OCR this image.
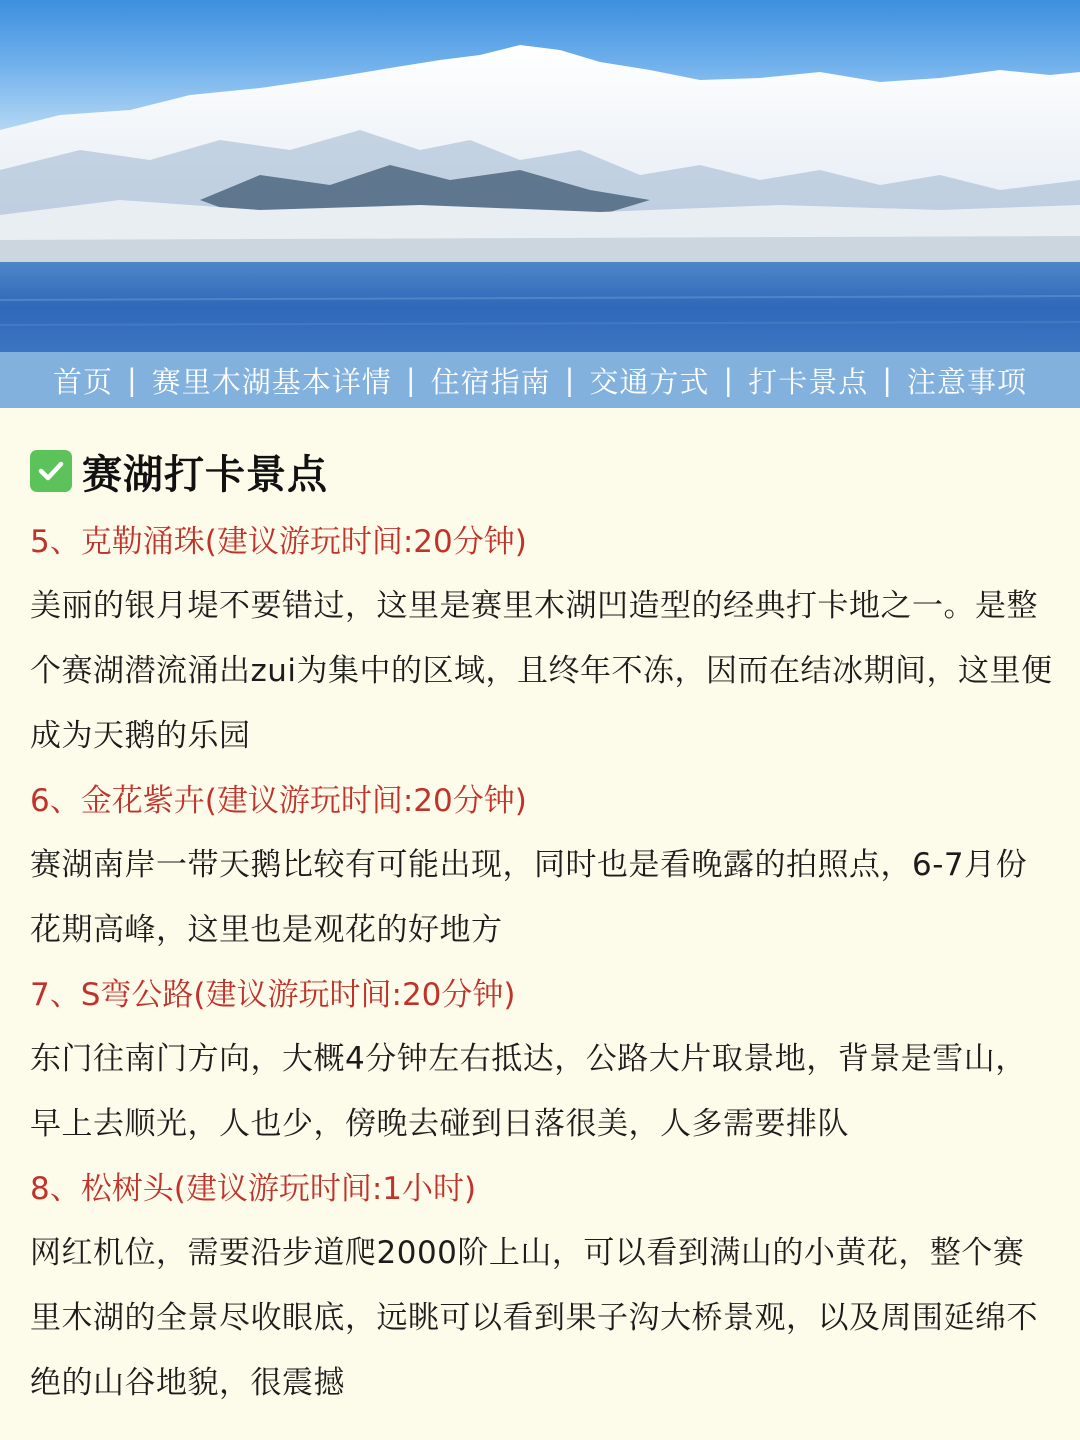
首页 | 赛里木湖基本详情 | 住宿指南 | 交通方式 | 打卡景点 | 注意事项
赛湖打卡景点
5、克勒涌珠(建议游玩时间:20分钟)
美丽的银月堤不要错过，这里是赛里木湖凹造型的经典打卡地之一。是整个赛湖潜流涌出zui为集中的区域，且终年不冻，因而在结冰期间，这里便成为天鹅的乐园
6、金花紫卉(建议游玩时间:20分钟)
赛湖南岸一带天鹅比较有可能出现，同时也是看晚露的拍照点，6-7月份花期高峰，这里也是观花的好地方
7、S弯公路(建议游玩时间:20分钟)
东门往南门方向，大概4分钟左右抵达，公路大片取景地，背景是雪山，早上去顺光，人也少，傍晚去碰到日落很美，人多需要排队
8、松树头(建议游玩时间:1小时)
网红机位，需要沿步道爬2000阶上山，可以看到满山的小黄花，整个赛里木湖的全景尽收眼底，远眺可以看到果子沟大桥景观，以及周围延绵不绝的山谷地貌，很震撼
